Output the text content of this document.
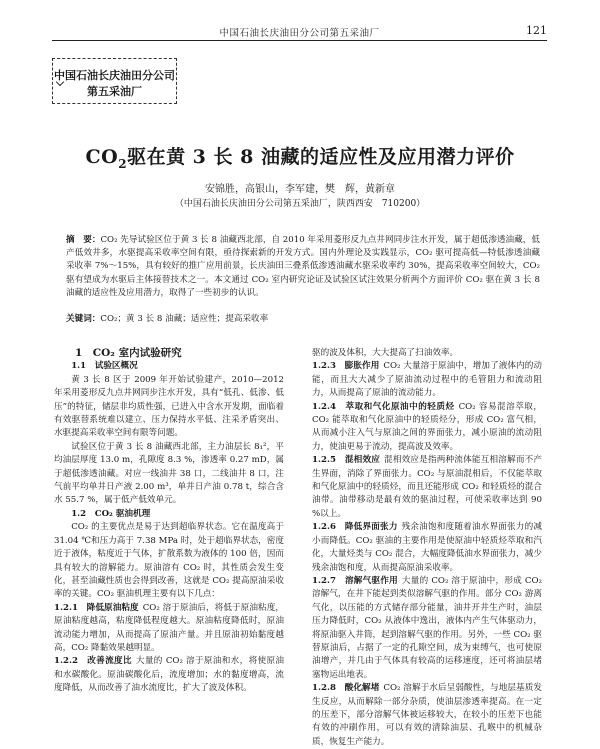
中国石油长庆油田分公司第五采油厂	121
中国石油长庆油田分公司
第五采油厂
$CO_2$驱在黄 3 长 8 油藏的适应性及应用潜力评价
安锦胜，高银山，李军建，樊　辉，黄新章
（中国石油长庆油田分公司第五采油厂，陕西西安　710200）
摘　要：CO₂ 先导试验区位于黄 3 长 8 油藏西北部，自 2010 年采用菱形反九点井网同步注水开发，属于超低渗透油藏，低产低效井多，水驱提高采收率空间有限，亟待探索新的开发方式。国内外理论及实践显示，CO₂ 驱可提高低—特低渗透油藏采收率 7%～15%，具有较好的推广应用前景，长庆油田三叠系低渗透油藏水驱采收率约 30%，提高采收率空间较大，CO₂ 驱有望成为水驱后主体接替技术之一。本文通过 CO₂ 室内研究论证及试验区试注效果分析两个方面评价 CO₂ 驱在黄 3 长 8 油藏的适应性及应用潜力，取得了一些初步的认识。
关键词：CO₂；黄 3 长 8 油藏；适应性；提高采收率

1　CO₂ 室内试验研究

1.1　试验区概况

黄 3 长 8 区于 2009 年开始试验建产，2010—2012 年采用菱形反九点井网同步注水开发，具有“低孔、低渗、低压”的特征，储层非均质性强，已进入中含水开发期，面临着有效驱替系统难以建立、压力保持水平低、注采矛盾突出、水驱提高采收率空间有限等问题。

试验区位于黄 3 长 8 油藏西北部，主力油层长 8₁²，平均油层厚度 13.0 m，孔隙度 8.3 %，渗透率 0.27 mD，属于超低渗透油藏。对应一线油井 38 口，二线油井 8 口，注气前平均单井日产液 2.00 m³，单井日产油 0.78 t，综合含水 55.7 %，属于低产低效单元。

1.2　CO₂ 驱油机理

CO₂ 的主要优点是易于达到超临界状态。它在温度高于 31.04 ℃和压力高于 7.38 MPa 时，处于超临界状态，密度近于液体，粘度近于气体，扩散系数为液体的 100 倍，因而具有较大的溶解能力。原油溶有 CO₂ 时，其性质会发生变化，甚至油藏性质也会得到改善，这就是 CO₂ 提高原油采收率的关键。CO₂ 驱油机理主要有以下几点：

1.2.1　降低原油粘度 CO₂ 溶于原油后，将低于原油粘度，原油粘度越高，粘度降低程度越大。原油粘度降低时，原油流动能力增加，从而提高了原油产量。并且原油初始黏度越高，CO₂ 降黏效果越明显。

1.2.2　改善流度比 大量的 CO₂ 溶于原油和水，将使原油和水碳酸化。原油碳酸化后，流度增加；水的黏度增高，流度降低，从而改善了油水流度比，扩大了波及体积。

驱的波及体积，大大提高了扫油效率。

1.2.3　膨胀作用 CO₂ 大量溶于原油中，增加了液体内的动能，而且大大减少了原油流动过程中的毛管阻力和流动阻力，从而提高了原油的流动能力。

1.2.4　萃取和气化原油中的轻质烃 CO₂ 容易混溶萃取，CO₂ 能萃取和气化原油中的轻质烃分，形成 CO₂ 富气相，从而减小注入气与原油之间的界面张力，减小原油的流动阻力，使油更易于流动，提高波及效率。

1.2.5　混相效应 混相效应是指两种流体能互相溶解而不产生界面，消除了界面张力。CO₂ 与原油混相后，不仅能萃取和气化原油中的轻质烃，而且还能形成 CO₂ 和轻质烃的混合油带。油带移动是最有效的驱油过程，可使采收率达到 90 %以上。

1.2.6　降低界面张力 残余油饱和度随着油水界面张力的减小而降低。CO₂ 驱油的主要作用是使原油中轻质烃萃取和汽化，大量烃类与 CO₂ 混合，大幅度降低油水界面张力，减少残余油饱和度，从而提高原油采收率。

1.2.7　溶解气驱作用 大量的 CO₂ 溶于原油中，形成 CO₂ 溶解气，在井下能起到类似溶解气驱的作用。部分 CO₂ 游离气化，以压能的方式储存部分能量，油井开井生产时，油层压力降低时，CO₂ 从液体中逸出，液体内产生气体驱动力，将原油驱入井筒，起到溶解气驱的作用。另外，一些 CO₂ 驱替原油后，占据了一定的孔隙空间，成为束缚气，也可使原油增产，并几由于气体具有较高的运移速度，还可将油层堵塞物运出地表。

1.2.8　酸化解堵 CO₂ 溶解于水后呈弱酸性，与地层基质发生反应，从而解除一部分杂质，使油层渗透率提高。在一定的压差下，部分溶解气体被运移较大，在较小的压差下也能有效的冲刷作用，可以有效的清除油层、孔喉中的机械杂质，恢复生产能力。
